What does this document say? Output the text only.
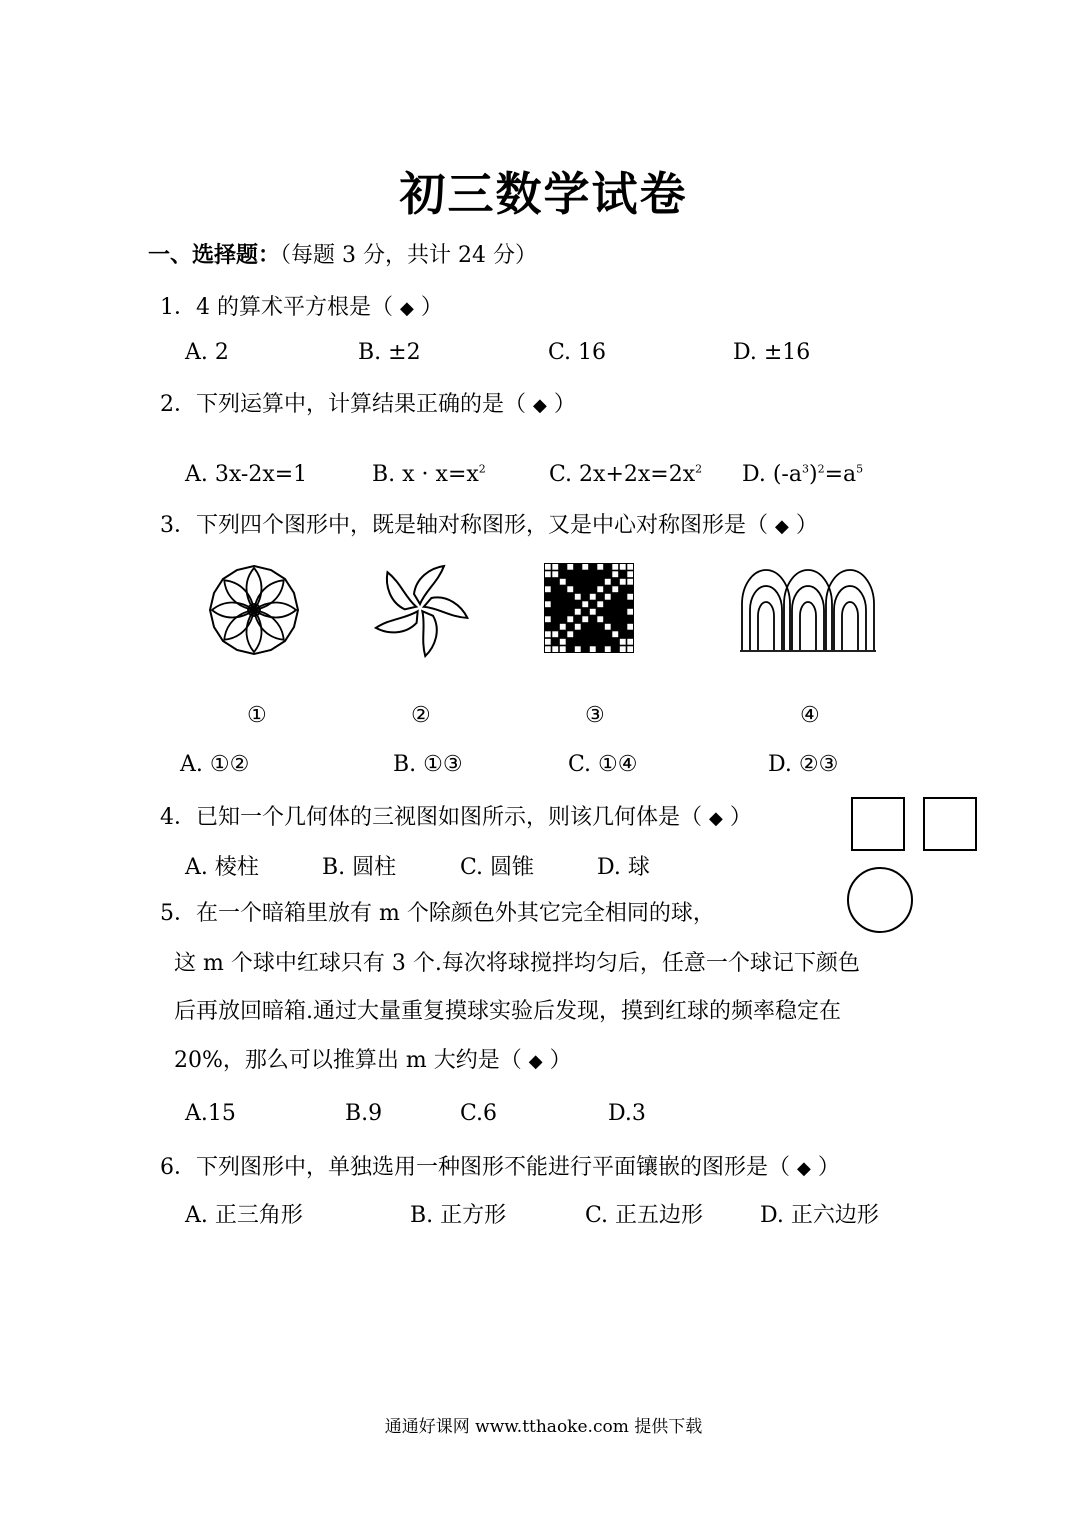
初三数学试卷
一、选择题：（每题 3 分，共计 24 分）
1．4 的算术平方根是（ ◆ ）
A. 2	B. ±2	C. 16	D. ±16
2．下列运算中，计算结果正确的是（ ◆ ）
A. 3x-2x=1	B. $x \cdot x=x^2$	C. $2x+2x=2x^2$ D. $(-a^3)^2=a^5$
3．下列四个图形中，既是轴对称图形，又是中心对称图形是（ ◆ ）
①	②	③	④
A. ①②	B. ①③	C. ①④	D. ②③
4．已知一个几何体的三视图如图所示，则该几何体是（ ◆ ）
A. 棱柱	B. 圆柱	C. 圆锥	D. 球
5．在一个暗箱里放有 m 个除颜色外其它完全相同的球，
这 m 个球中红球只有 3 个.每次将球搅拌均匀后，任意一个球记下颜色
后再放回暗箱.通过大量重复摸球实验后发现，摸到红球的频率稳定在
20%，那么可以推算出 m 大约是（ ◆ ）
A.15	B.9	C.6	D.3
6．下列图形中，单独选用一种图形不能进行平面镶嵌的图形是（ ◆ ）
A. 正三角形	B. 正方形	C. 正五边形	D. 正六边形
通通好课网 www.tthaoke.com 提供下载
